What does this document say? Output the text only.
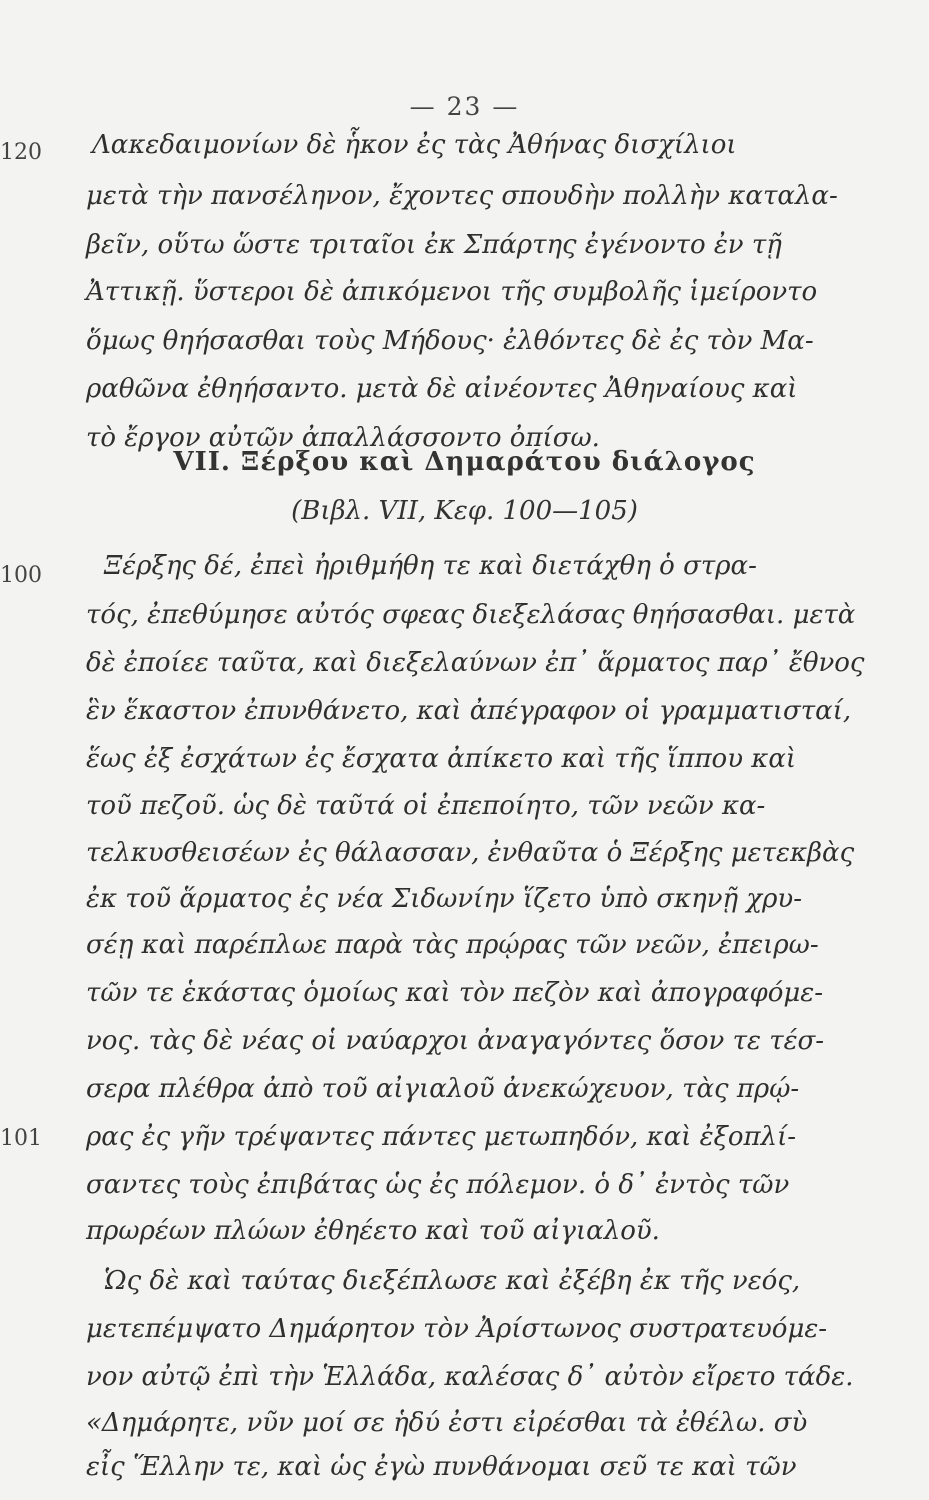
— 23 —
120
100
101
Λακεδαιμονίων δὲ ἧκον ἐς τὰς Ἀθήνας δισχίλιοι
μετὰ τὴν πανσέληνον, ἔχοντες σπουδὴν πολλὴν καταλα-
βεῖν, οὕτω ὥστε τριταῖοι ἐκ Σπάρτης ἐγένοντο ἐν τῇ
Ἀττικῇ. ὕστεροι δὲ ἀπικόμενοι τῆς συμβολῆς ἱμείροντο
ὅμως θηήσασθαι τοὺς Μήδους· ἐλθόντες δὲ ἐς τὸν Μα-
ραθῶνα ἐθηήσαντο. μετὰ δὲ αἰνέοντες Ἀθηναίους καὶ
τὸ ἔργον αὐτῶν ἀπαλλάσσοντο ὀπίσω.
VII. Ξέρξου καὶ Δημαράτου διάλογος
(Βιβλ. VII, Κεφ. 100—105)
Ξέρξης δέ, ἐπεὶ ἠριθμήθη τε καὶ διετάχθη ὁ στρα-
τός, ἐπεθύμησε αὐτός σφεας διεξελάσας θηήσασθαι. μετὰ
δὲ ἐποίεε ταῦτα, καὶ διεξελαύνων ἐπ᾽ ἅρματος παρ᾽ ἔθνος
ἓν ἕκαστον ἐπυνθάνετο, καὶ ἀπέγραφον οἱ γραμματισταί,
ἕως ἐξ ἐσχάτων ἐς ἔσχατα ἀπίκετο καὶ τῆς ἵππου καὶ
τοῦ πεζοῦ. ὡς δὲ ταῦτά οἱ ἐπεποίητο, τῶν νεῶν κα-
τελκυσθεισέων ἐς θάλασσαν, ἐνθαῦτα ὁ Ξέρξης μετεκβὰς
ἐκ τοῦ ἅρματος ἐς νέα Σιδωνίην ἵζετο ὑπὸ σκηνῇ χρυ-
σέῃ καὶ παρέπλωε παρὰ τὰς πρῴρας τῶν νεῶν, ἐπειρω-
τῶν τε ἑκάστας ὁμοίως καὶ τὸν πεζὸν καὶ ἀπογραφόμε-
νος. τὰς δὲ νέας οἱ ναύαρχοι ἀναγαγόντες ὅσον τε τέσ-
σερα πλέθρα ἀπὸ τοῦ αἰγιαλοῦ ἀνεκώχευον, τὰς πρῴ-
ρας ἐς γῆν τρέψαντες πάντες μετωπηδόν, καὶ ἐξοπλί-
σαντες τοὺς ἐπιβάτας ὡς ἐς πόλεμον. ὁ δ᾽ ἐντὸς τῶν
πρωρέων πλώων ἐθηέετο καὶ τοῦ αἰγιαλοῦ.
Ὡς δὲ καὶ ταύτας διεξέπλωσε καὶ ἐξέβη ἐκ τῆς νεός,
μετεπέμψατο Δημάρητον τὸν Ἀρίστωνος συστρατευόμε-
νον αὐτῷ ἐπὶ τὴν Ἑλλάδα, καλέσας δ᾽ αὐτὸν εἴρετο τάδε.
«Δημάρητε, νῦν μοί σε ἡδύ ἐστι εἰρέσθαι τὰ ἐθέλω. σὺ
εἶς Ἕλλην τε, καὶ ὡς ἐγὼ πυνθάνομαι σεῦ τε καὶ τῶν
